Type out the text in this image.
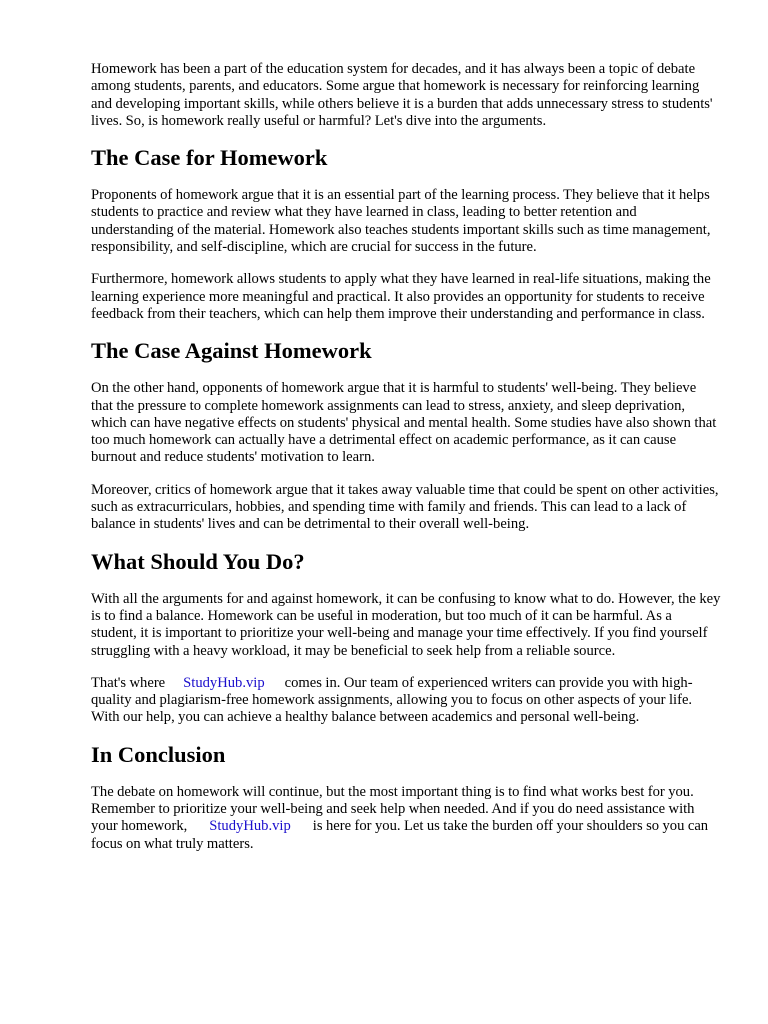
Homework has been a part of the education system for decades, and it has always been a topic of debate among students, parents, and educators. Some argue that homework is necessary for reinforcing learning and developing important skills, while others believe it is a burden that adds unnecessary stress to students' lives. So, is homework really useful or harmful? Let's dive into the arguments.

The Case for Homework

Proponents of homework argue that it is an essential part of the learning process. They believe that it helps students to practice and review what they have learned in class, leading to better retention and understanding of the material. Homework also teaches students important skills such as time management, responsibility, and self-discipline, which are crucial for success in the future.

Furthermore, homework allows students to apply what they have learned in real-life situations, making the learning experience more meaningful and practical. It also provides an opportunity for students to receive feedback from their teachers, which can help them improve their understanding and performance in class.

The Case Against Homework

On the other hand, opponents of homework argue that it is harmful to students' well-being. They believe that the pressure to complete homework assignments can lead to stress, anxiety, and sleep deprivation, which can have negative effects on students' physical and mental health. Some studies have also shown that too much homework can actually have a detrimental effect on academic performance, as it can cause burnout and reduce students' motivation to learn.

Moreover, critics of homework argue that it takes away valuable time that could be spent on other activities, such as extracurriculars, hobbies, and spending time with family and friends. This can lead to a lack of balance in students' lives and can be detrimental to their overall well-being.

What Should You Do?

With all the arguments for and against homework, it can be confusing to know what to do. However, the key is to find a balance. Homework can be useful in moderation, but too much of it can be harmful. As a student, it is important to prioritize your well-being and manage your time effectively. If you find yourself struggling with a heavy workload, it may be beneficial to seek help from a reliable source.

That's where StudyHub.vip comes in. Our team of experienced writers can provide you with high-quality and plagiarism-free homework assignments, allowing you to focus on other aspects of your life. With our help, you can achieve a healthy balance between academics and personal well-being.

In Conclusion

The debate on homework will continue, but the most important thing is to find what works best for you. Remember to prioritize your well-being and seek help when needed. And if you do need assistance with your homework, StudyHub.vip is here for you. Let us take the burden off your shoulders so you can focus on what truly matters.
